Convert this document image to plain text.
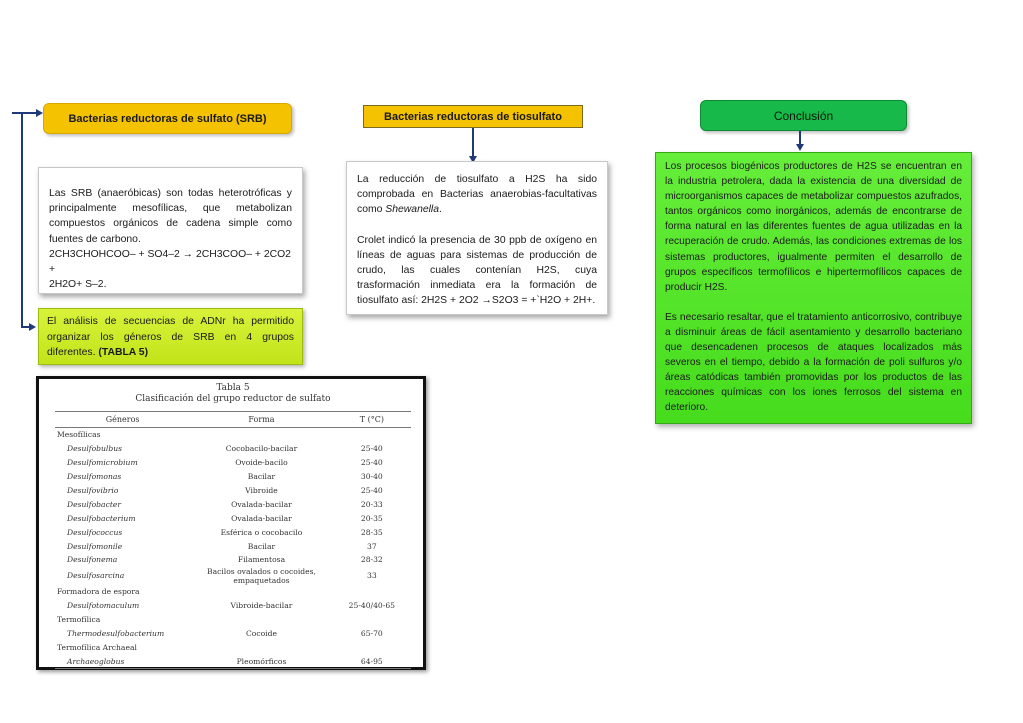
Bacterias reductoras de sulfato (SRB)

Las SRB (anaeróbicas) son todas heterotróficas y principalmente mesofílicas, que metabolizan compuestos orgánicos de cadena simple como fuentes de carbono.

2CH3CHOHCOO– + SO4–2 → 2CH3COO– + 2CO2 +
2H2O+ S–2.

El análisis de secuencias de ADNr ha permitido organizar los géneros de SRB en 4 grupos diferentes. (TABLA 5)

Tabla 5
Clasificación del grupo reductor de sulfato
Géneros	Forma	T (°C)
Mesofílicas		
Desulfobulbus	Cocobacilo-bacilar	25-40
Desulfomicrobium	Ovoide-bacilo	25-40
Desulfomonas	Bacilar	30-40
Desulfovibrio	Vibroide	25-40
Desulfobacter	Ovalada-bacilar	20-33
Desulfobacterium	Ovalada-bacilar	20-35
Desulfococcus	Esférica o cocobacilo	28-35
Desulfomonile	Bacilar	37
Desulfonema	Filamentosa	28-32
Desulfosarcina	Bacilos ovalados o cocoides, empaquetados	33
Formadora de espora		
Desulfotomaculum	Vibroide-bacilar	25-40/40-65
Termofílica		
Thermodesulfobacterium	Cocoide	65-70
Termofílica Archaeal		
Archaeoglobus	Pleomórficos	64-95
Bacterias reductoras de tiosulfato

La reducción de tiosulfato a H2S ha sido comprobada en Bacterias anaerobias-facultativas como Shewanella.

Crolet indicó la presencia de 30 ppb de oxígeno en líneas de aguas para sistemas de producción de crudo, las cuales contenían H2S, cuya trasformación inmediata era la formación de tiosulfato así: 2H2S + 2O2 →S2O3 = +`H2O + 2H+.

Conclusión

Los procesos biogénicos productores de H2S se encuentran en la industria petrolera, dada la existencia de una diversidad de microorganismos capaces de metabolizar compuestos azufrados, tantos orgánicos como inorgánicos, además de encontrarse de forma natural en las diferentes fuentes de agua utilizadas en la recuperación de crudo. Además, las condiciones extremas de los sistemas productores, igualmente permiten el desarrollo de grupos específicos termofílicos e hipertermofílicos capaces de producir H2S.

Es necesario resaltar, que el tratamiento anticorrosivo, contribuye a disminuir áreas de fácil asentamiento y desarrollo bacteriano que desencadenen procesos de ataques localizados más severos en el tiempo, debido a la formación de poli sulfuros y/o áreas catódicas también promovidas por los productos de las reacciones químicas con los iones ferrosos del sistema en deterioro.
